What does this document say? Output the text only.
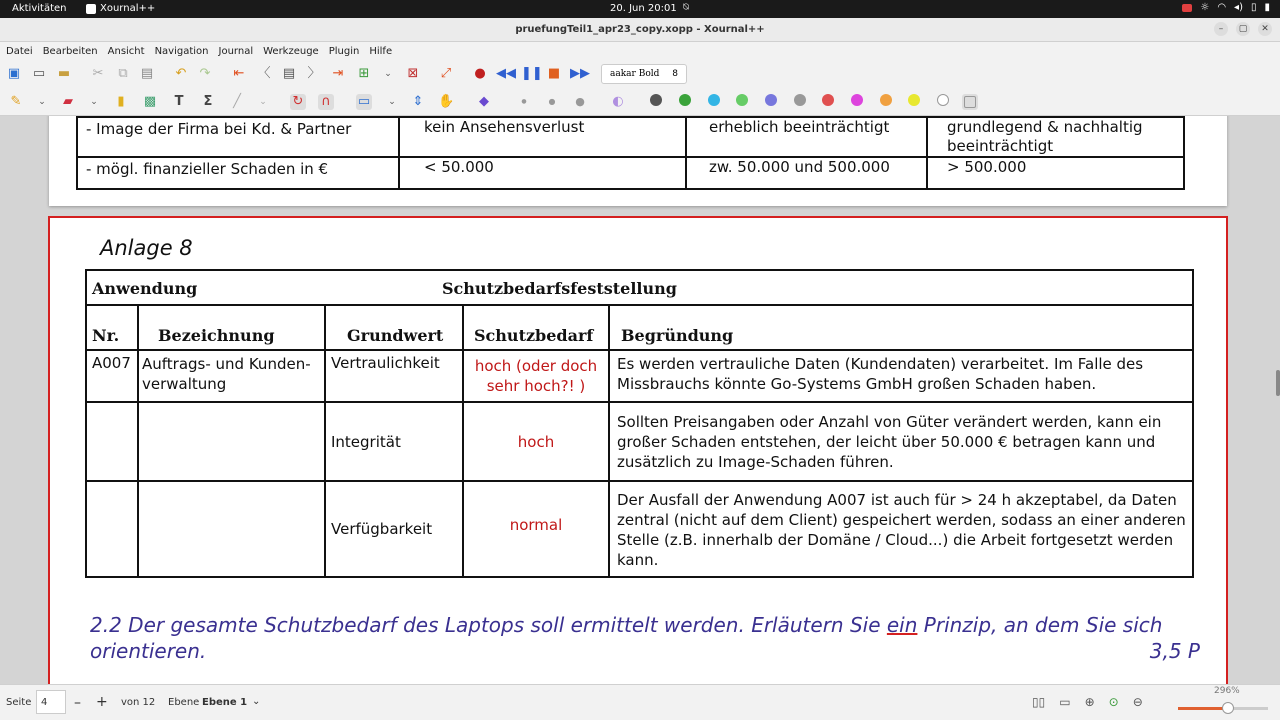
Aktivitäten	Xournal++	20. Jun 20:01 ⍉	☼ ◠ ◂) ▯ ▮
pruefungTeil1_apr23_copy.xopp - Xournal++	–	▢	✕
Datei Bearbeiten Ansicht Navigation Journal Werkzeuge Plugin Hilfe
▣ ▭ ▬ ✂ ⧉ ▤ ↶ ↷ ⇤ 〈 ▤ 〉 ⇥ ⊞	⌄	⊠ ⤢ ● ◀◀ ❚❚ ■ ▶▶	aakar Bold 8
✎	⌄	▰	⌄	▮	▩ T Σ	╱	⌄	↻ ∩ ▭	⌄	⇕ ✋ ◆	●	●	● ◐
- Image der Firma bei Kd. & Partner	kein Ansehensverlust	erheblich beeinträchtigt	grundlegend & nachhaltig beeinträchtigt
- mögl. finanzieller Schaden in €	< 50.000	zw. 50.000 und 500.000	> 500.000
Anlage 8
Anwendung Schutzbedarfsfeststellung				

Nr.	Bezeichnung	Grundwert	Schutzbedarf	Begründung
A007	Auftrags- und Kunden-verwaltung	Vertraulichkeit	hoch (oder doch sehr hoch?! )	Es werden vertrauliche Daten (Kundendaten) verarbeitet. Im Falle des Missbrauchs könnte Go-Systems GmbH großen Schaden haben.
		Integrität	hoch	Sollten Preisangaben oder Anzahl von Güter verändert werden, kann ein großer Schaden entstehen, der leicht über 50.000 € betragen kann und zusätzlich zu Image-Schaden führen.
		Verfügbarkeit	normal	Der Ausfall der Anwendung A007 ist auch für > 24 h akzeptabel, da Daten zentral (nicht auf dem Client) gespeichert werden, sodass an einer anderen Stelle (z.B. innerhalb der Domäne / Cloud...) die Arbeit fortgesetzt werden kann.
2.2 Der gesamte Schutzbedarf des Laptops soll ermittelt werden. Erläutern Sie ein Prinzip, an dem Sie sich orientieren.	3,5 P
Seite 4	– + von 12 Ebene Ebene 1 ⌄	▯▯ ▭ ⊕ ⊙ ⊖
296%
